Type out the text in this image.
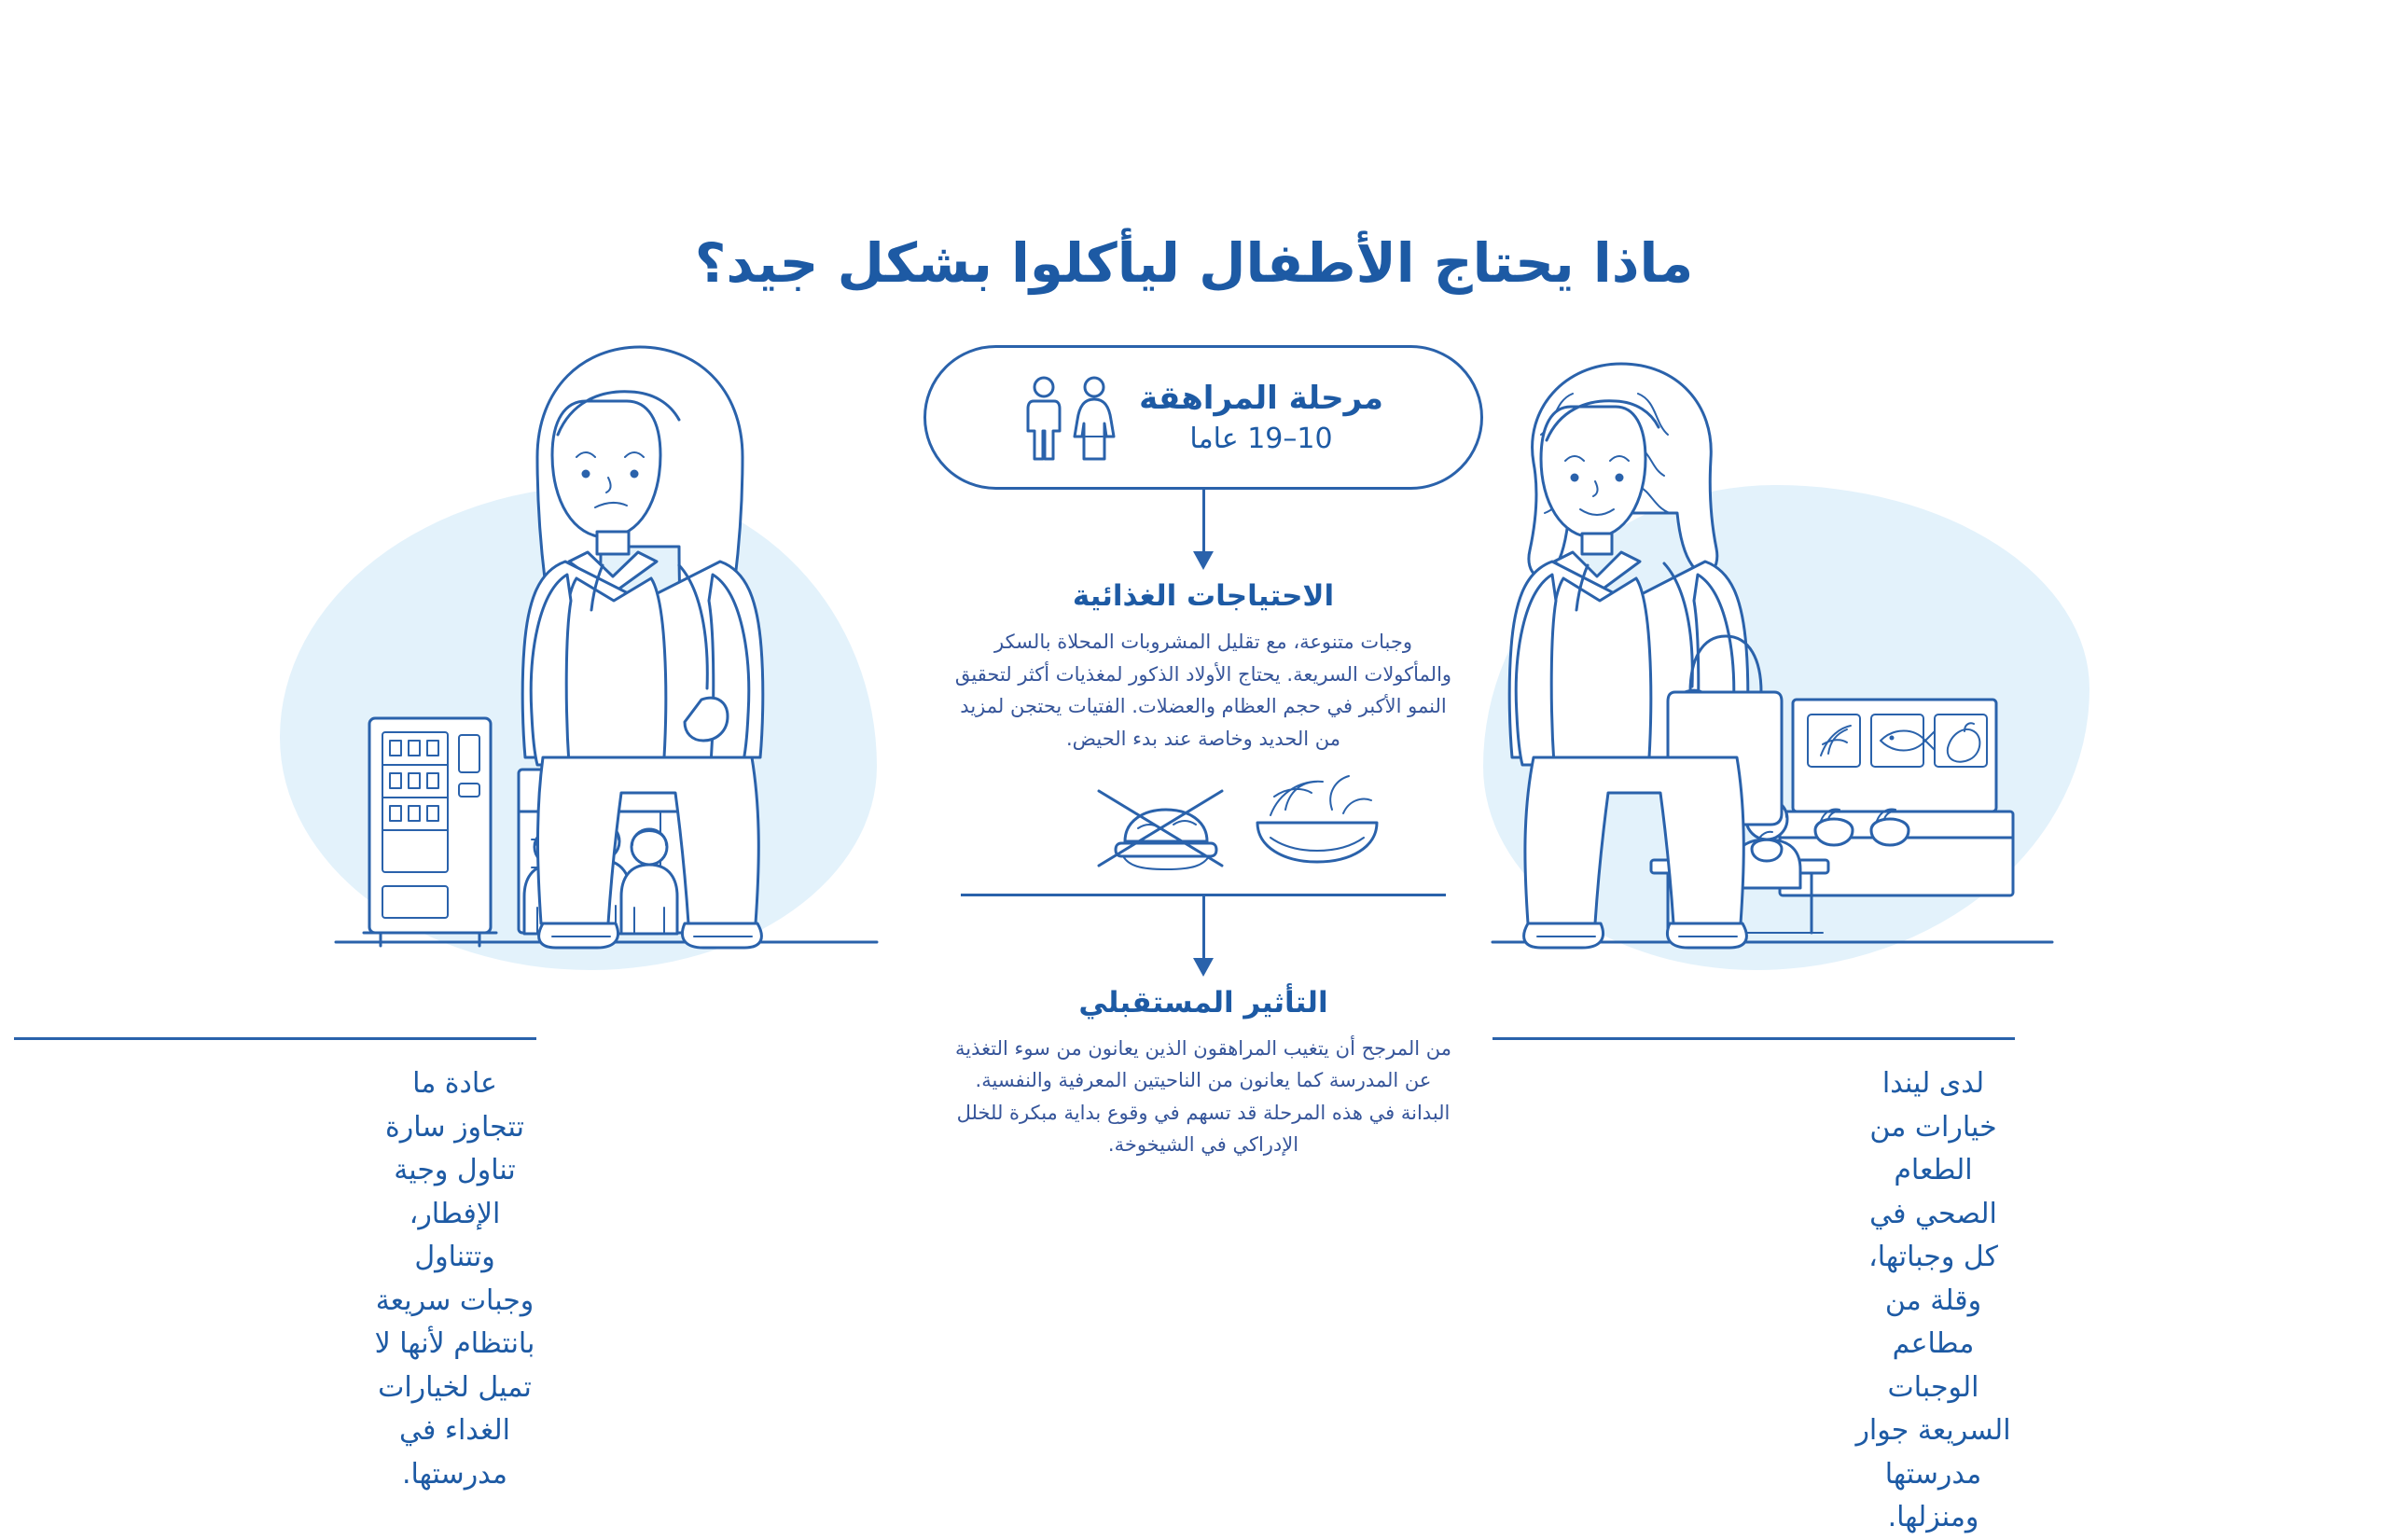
ماذا يحتاج الأطفال ليأكلوا بشكل جيد؟
مرحلة المراهقة
10–19 عاما
الاحتياجات الغذائية
وجبات متنوعة، مع تقليل المشروبات المحلاة بالسكر والمأكولات السريعة. يحتاج الأولاد الذكور لمغذيات أكثر لتحقيق النمو الأكبر في حجم العظام والعضلات. الفتيات يحتجن لمزيد من الحديد وخاصة عند بدء الحيض.
التأثير المستقبلي
من المرجح أن يتغيب المراهقون الذين يعانون من سوء التغذية عن المدرسة كما يعانون من الناحيتين المعرفية والنفسية. البدانة في هذه المرحلة قد تسهم في وقوع بداية مبكرة للخلل الإدراكي في الشيخوخة.
عادة ما تتجاوز سارة تناول وجية الإفطار، وتتناول وجبات سريعة بانتظام لأنها لا تميل لخيارات الغداء في مدرستها.
لدى ليندا خيارات من الطعام الصحي في كل وجباتها، وقلة من مطاعم الوجبات السريعة جوار مدرستها ومنزلها.
